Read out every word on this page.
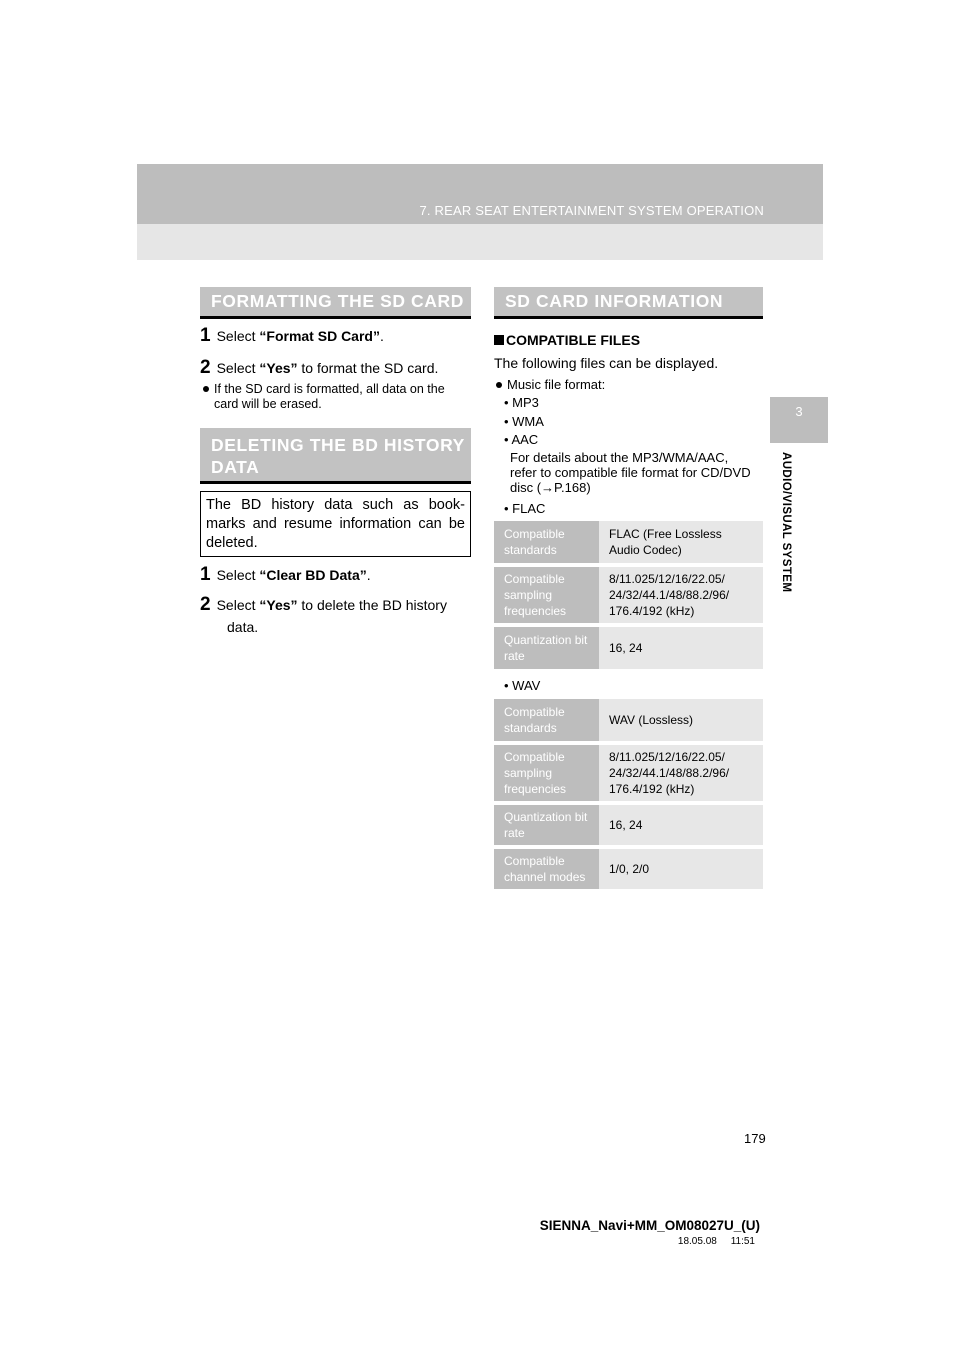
7. REAR SEAT ENTERTAINMENT SYSTEM OPERATION
3
AUDIO/VISUAL SYSTEM
FORMATTING THE SD CARD
1 Select “Format SD Card”.
2 Select “Yes” to format the SD card.
If the SD card is formatted, all data on the
card will be erased.
DELETING THE BD HISTORY
DATA
The BD history data such as book-marks and resume information can be deleted.
1 Select “Clear BD Data”.
2 Select “Yes” to delete the BD history
data.
SD CARD INFORMATION
COMPATIBLE FILES
The following files can be displayed.
Music file format:
• MP3
• WMA
• AAC
For details about the MP3/WMA/AAC,
refer to compatible file format for CD/DVD
disc (→P.168)
• FLAC
Compatible standards	FLAC (Free Lossless Audio Codec)

Compatible sampling frequencies	8/11.025/12/16/22.05/ 24/32/44.1/48/88.2/96/ 176.4/192 (kHz)

Quantization bit rate	16, 24
• WAV
Compatible standards	WAV (Lossless)

Compatible sampling frequencies	8/11.025/12/16/22.05/ 24/32/44.1/48/88.2/96/ 176.4/192 (kHz)

Quantization bit rate	16, 24

Compatible channel modes	1/0, 2/0
179
SIENNA_Navi+MM_OM08027U_(U)
18.05.08     11:51
